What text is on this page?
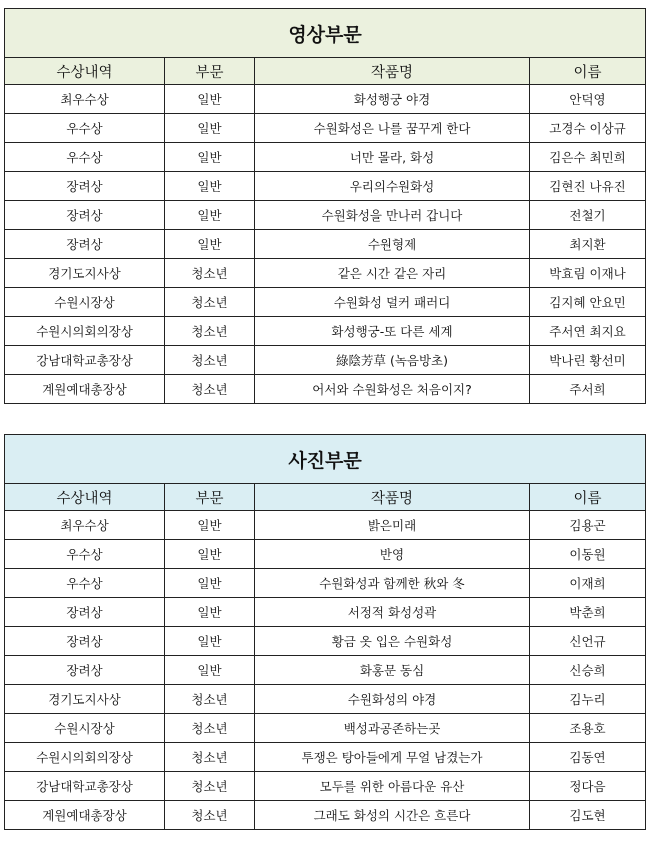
영상부문			
수상내역	부문	작품명	이름
최우수상	일반	화성행궁 야경	안덕영
우수상	일반	수원화성은 나를 꿈꾸게 한다	고경수 이상규
우수상	일반	너만 몰라, 화성	김은수 최민희
장려상	일반	우리의수원화성	김현진 나유진
장려상	일반	수원화성을 만나러 갑니다	전철기
장려상	일반	수원형제	최지환
경기도지사상	청소년	같은 시간 같은 자리	박효림 이재나
수원시장상	청소년	수원화성 덜커 패러디	김지혜 안요민
수원시의회의장상	청소년	화성행궁-또 다른 세계	주서연 최지요
강남대학교총장상	청소년	綠陰芳草 (녹음방초)	박나린 황선미
계원예대총장상	청소년	어서와 수원화성은 처음이지?	주서희
사진부문			
수상내역	부문	작품명	이름
최우수상	일반	밝은미래	김용곤
우수상	일반	반영	이동원
우수상	일반	수원화성과 함께한 秋와 冬	이재희
장려상	일반	서정적 화성성곽	박춘희
장려상	일반	황금 옷 입은 수원화성	신언규
장려상	일반	화홍문 동심	신승희
경기도지사상	청소년	수원화성의 야경	김누리
수원시장상	청소년	백성과공존하는곳	조용호
수원시의회의장상	청소년	투쟁은 탕아들에게 무얼 남겼는가	김동연
강남대학교총장상	청소년	모두를 위한 아름다운 유산	정다음
계원예대총장상	청소년	그래도 화성의 시간은 흐른다	김도현
